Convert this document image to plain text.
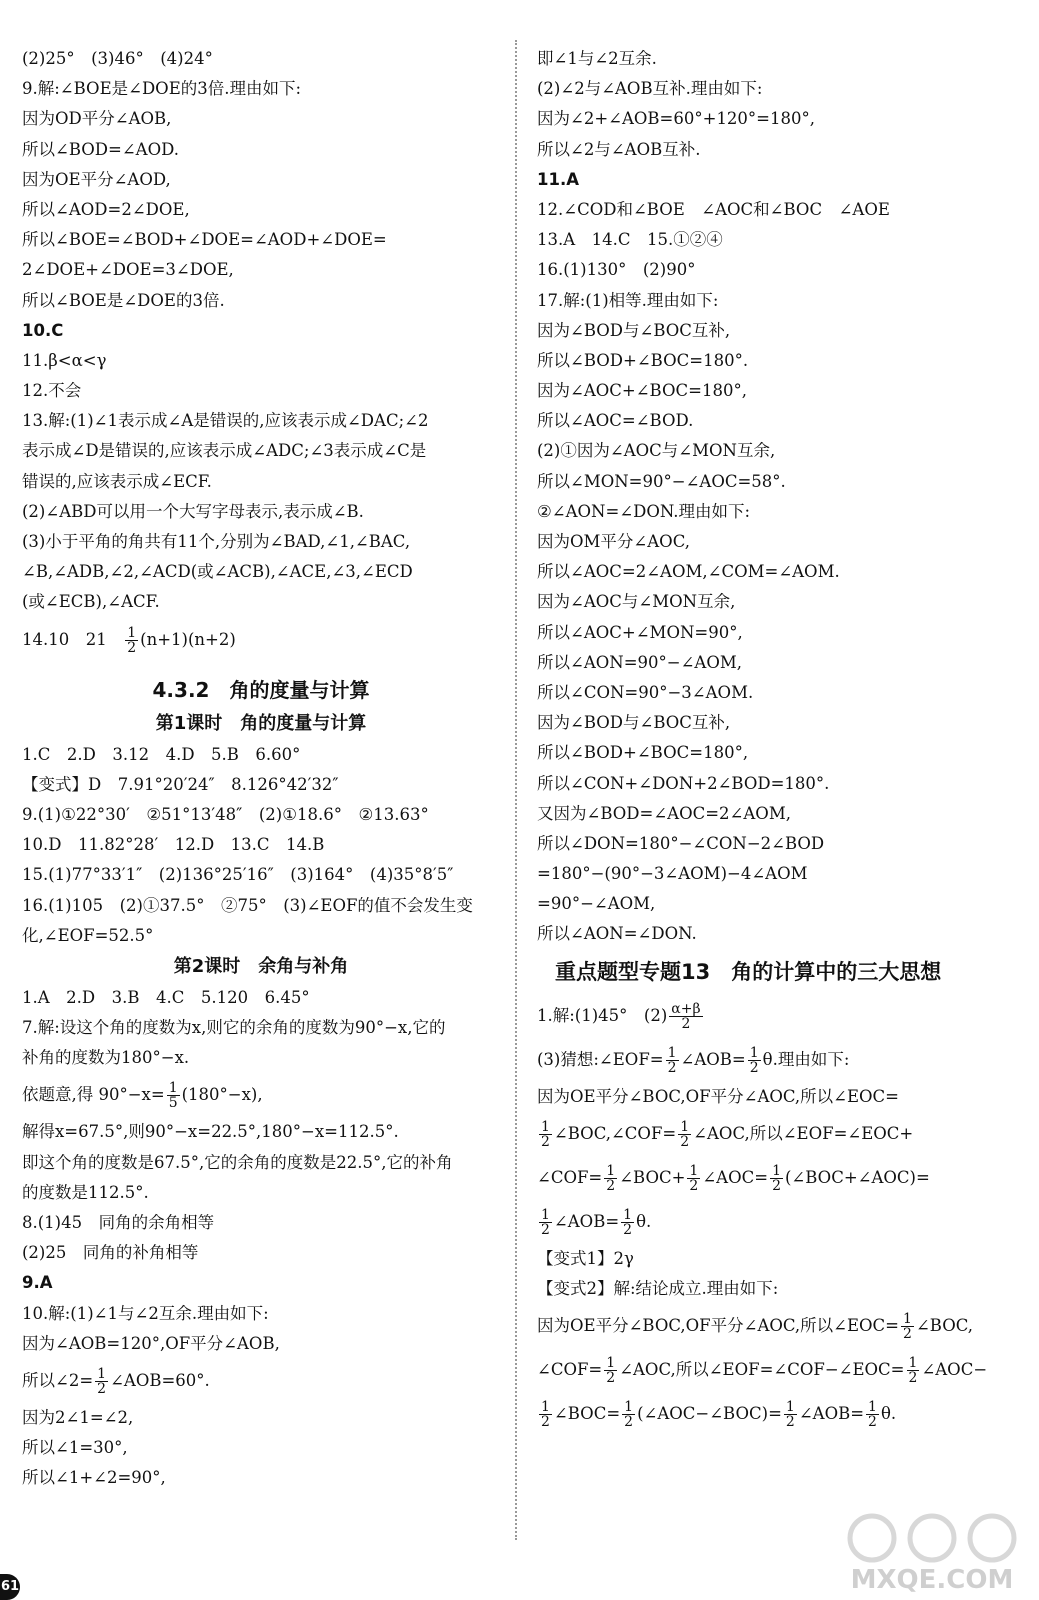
(2)25°　(3)46°　(4)24°
9.解:∠BOE是∠DOE的3倍.理由如下:
因为OD平分∠AOB,
所以∠BOD=∠AOD.
因为OE平分∠AOD,
所以∠AOD=2∠DOE,
所以∠BOE=∠BOD+∠DOE=∠AOD+∠DOE=
2∠DOE+∠DOE=3∠DOE,
所以∠BOE是∠DOE的3倍.
10.C
11.β<α<γ
12.不会
13.解:(1)∠1表示成∠A是错误的,应该表示成∠DAC;∠2
表示成∠D是错误的,应该表示成∠ADC;∠3表示成∠C是
错误的,应该表示成∠ECF.
(2)∠ABD可以用一个大写字母表示,表示成∠B.
(3)小于平角的角共有11个,分别为∠BAD,∠1,∠BAC,
∠B,∠ADB,∠2,∠ACD(或∠ACB),∠ACE,∠3,∠ECD
(或∠ECB),∠ACF.
14.10　21　 $\frac{1}{2} (n+1)(n+2)$
4.3.2　角的度量与计算
第1课时　角的度量与计算
1.C　2.D　3.12　4.D　5.B　6.60°
【变式】D　7.91°20′24″　8.126°42′32″
9.(1)①22°30′　②51°13′48″　(2)①18.6°　②13.63°
10.D　11.82°28′　12.D　13.C　14.B
15.(1)77°33′1″　(2)136°25′16″　(3)164°　(4)35°8′5″
16.(1)105　(2)①37.5°　②75°　(3)∠EOF的值不会发生变
化,∠EOF=52.5°
第2课时　余角与补角
1.A　2.D　3.B　4.C　5.120　6.45°
7.解:设这个角的度数为x,则它的余角的度数为90°−x,它的
补角的度数为180°−x.
依题意,得 $90^\circ-x= \frac{1}{5} (180^\circ-x)$,
解得x=67.5°,则90°−x=22.5°,180°−x=112.5°.
即这个角的度数是67.5°,它的余角的度数是22.5°,它的补角
的度数是112.5°.
8.(1)45　同角的余角相等
(2)25　同角的补角相等
9.A
10.解:(1)∠1与∠2互余.理由如下:
因为∠AOB=120°,OF平分∠AOB,
所以∠2= $\frac{1}{2}$ ∠AOB=60°.
因为2∠1=∠2,
所以∠1=30°,
所以∠1+∠2=90°,
即∠1与∠2互余.
(2)∠2与∠AOB互补.理由如下:
因为∠2+∠AOB=60°+120°=180°,
所以∠2与∠AOB互补.
11.A
12.∠COD和∠BOE　∠AOC和∠BOC　∠AOE
13.A　14.C　15.①②④
16.(1)130°　(2)90°
17.解:(1)相等.理由如下:
因为∠BOD与∠BOC互补,
所以∠BOD+∠BOC=180°.
因为∠AOC+∠BOC=180°,
所以∠AOC=∠BOD.
(2)①因为∠AOC与∠MON互余,
所以∠MON=90°−∠AOC=58°.
②∠AON=∠DON.理由如下:
因为OM平分∠AOC,
所以∠AOC=2∠AOM,∠COM=∠AOM.
因为∠AOC与∠MON互余,
所以∠AOC+∠MON=90°,
所以∠AON=90°−∠AOM,
所以∠CON=90°−3∠AOM.
因为∠BOD与∠BOC互补,
所以∠BOD+∠BOC=180°,
所以∠CON+∠DON+2∠BOD=180°.
又因为∠BOD=∠AOC=2∠AOM,
所以∠DON=180°−∠CON−2∠BOD
=180°−(90°−3∠AOM)−4∠AOM
=90°−∠AOM,
所以∠AON=∠DON.
重点题型专题13　角的计算中的三大思想
1.解:(1)45°　$(2) \frac{\alpha+\beta}{2}$
(3)猜想:∠EOF= $\frac{1}{2}$ ∠AOB= $\frac{1}{2} \theta$.理由如下:
因为OE平分∠BOC,OF平分∠AOC,所以∠EOC=
$\frac{1}{2}$ ∠BOC,∠COF= $\frac{1}{2}$ ∠AOC,所以∠EOF=∠EOC+
∠COF= $\frac{1}{2}$ ∠BOC+ $\frac{1}{2}$ ∠AOC= $\frac{1}{2}$ (∠BOC+∠AOC)=
$\frac{1}{2}$ ∠AOB= $\frac{1}{2} \theta$.
【变式1】2γ
【变式2】解:结论成立.理由如下:
因为OE平分∠BOC,OF平分∠AOC,所以∠EOC= $\frac{1}{2}$ ∠BOC,
∠COF= $\frac{1}{2}$ ∠AOC,所以∠EOF=∠COF−∠EOC= $\frac{1}{2}$ ∠AOC−
$\frac{1}{2}$ ∠BOC= $\frac{1}{2}$ (∠AOC−∠BOC)= $\frac{1}{2}$ ∠AOB= $\frac{1}{2} \theta$.
61	MXQE.COM
